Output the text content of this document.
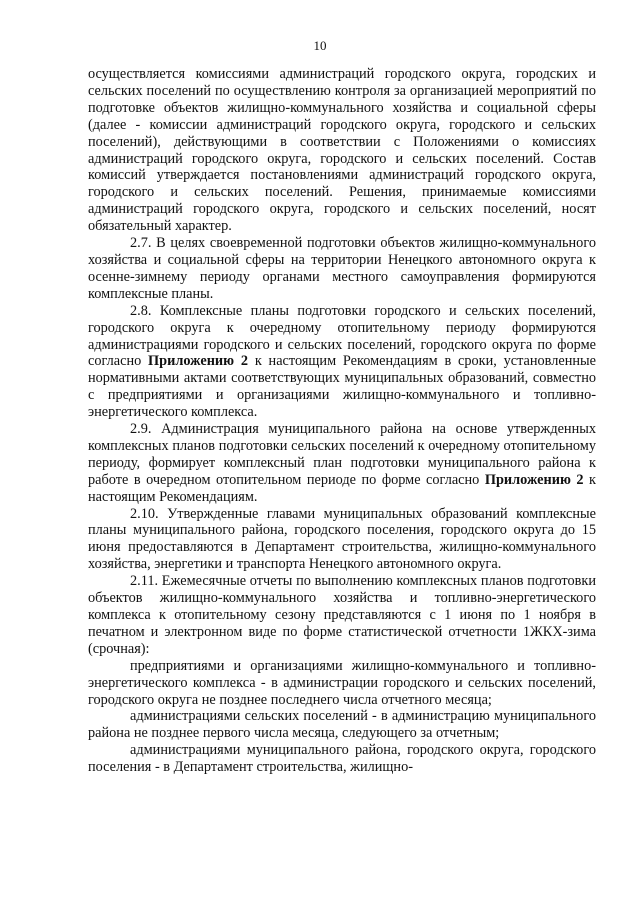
10

осуществляется комиссиями администраций городского округа, городских и сельских поселений по осуществлению контроля за организацией мероприятий по подготовке объектов жилищно-коммунального хозяйства и социальной сферы (далее - комиссии администраций городского округа, городского и сельских поселений), действующими в соответствии с Положениями о комиссиях администраций городского округа, городского и сельских поселений. Состав комиссий утверждается постановлениями администраций городского округа, городского и сельских поселений. Решения, принимаемые комиссиями администраций городского округа, городского и сельских поселений, носят обязательный характер.

2.7. В целях своевременной подготовки объектов жилищно-коммунального хозяйства и социальной сферы на территории Ненецкого автономного округа к осенне-зимнему периоду органами местного самоуправления формируются комплексные планы.

2.8. Комплексные планы подготовки городского и сельских поселений, городского округа к очередному отопительному периоду формируются администрациями городского и сельских поселений, городского округа по форме согласно Приложению 2 к настоящим Рекомендациям в сроки, установленные нормативными актами соответствующих муниципальных образований, совместно с предприятиями и организациями жилищно-коммунального и топливно-энергетического комплекса.

2.9. Администрация муниципального района на основе утвержденных комплексных планов подготовки сельских поселений к очередному отопительному периоду, формирует комплексный план подготовки муниципального района к работе в очередном отопительном периоде по форме согласно Приложению 2 к настоящим Рекомендациям.

2.10. Утвержденные главами муниципальных образований комплексные планы муниципального района, городского поселения, городского округа до 15 июня предоставляются в Департамент строительства, жилищно-коммунального хозяйства, энергетики и транспорта Ненецкого автономного округа.

2.11. Ежемесячные отчеты по выполнению комплексных планов подготовки объектов жилищно-коммунального хозяйства и топливно-энергетического комплекса к отопительному сезону представляются с 1 июня по 1 ноября в печатном и электронном виде по форме статистической отчетности 1ЖКХ-зима (срочная):

предприятиями и организациями жилищно-коммунального и топливно-энергетического комплекса - в администрации городского и сельских поселений, городского округа не позднее последнего числа отчетного месяца;

администрациями сельских поселений - в администрацию муниципального района не позднее первого числа месяца, следующего за отчетным;

администрациями муниципального района, городского округа, городского поселения - в Департамент строительства, жилищно-
